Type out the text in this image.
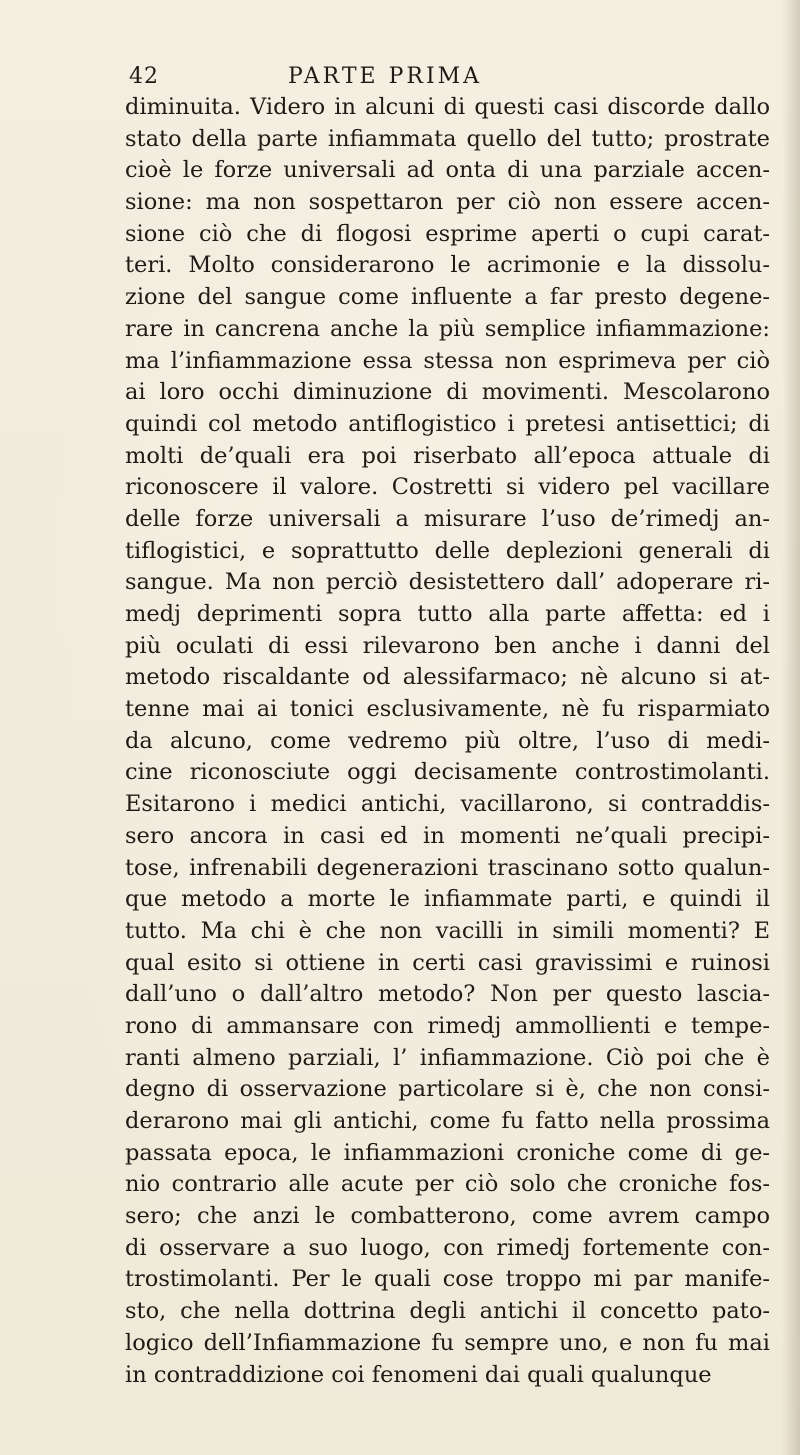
42	PARTE PRIMA
diminuita. Videro in alcuni di questi casi discorde dallo
stato della parte infiammata quello del tutto; prostrate
cioè le forze universali ad onta di una parziale accen-
sione: ma non sospettaron per ciò non essere accen-
sione ciò che di flogosi esprime aperti o cupi carat-
teri. Molto considerarono le acrimonie e la dissolu-
zione del sangue come influente a far presto degene-
rare in cancrena anche la più semplice infiammazione:
ma l’infiammazione essa stessa non esprimeva per ciò
ai loro occhi diminuzione di movimenti. Mescolarono
quindi col metodo antiflogistico i pretesi antisettici; di
molti de’quali era poi riserbato all’epoca attuale di
riconoscere il valore. Costretti si videro pel vacillare
delle forze universali a misurare l’uso de’rimedj an-
tiflogistici, e soprattutto delle deplezioni generali di
sangue. Ma non perciò desistettero dall’ adoperare ri-
medj deprimenti sopra tutto alla parte affetta: ed i
più oculati di essi rilevarono ben anche i danni del
metodo riscaldante od alessifarmaco; nè alcuno si at-
tenne mai ai tonici esclusivamente, nè fu risparmiato
da alcuno, come vedremo più oltre, l’uso di medi-
cine riconosciute oggi decisamente controstimolanti.
Esitarono i medici antichi, vacillarono, si contraddis-
sero ancora in casi ed in momenti ne’quali precipi-
tose, infrenabili degenerazioni trascinano sotto qualun-
que metodo a morte le infiammate parti, e quindi il
tutto. Ma chi è che non vacilli in simili momenti? E
qual esito si ottiene in certi casi gravissimi e ruinosi
dall’uno o dall’altro metodo? Non per questo lascia-
rono di ammansare con rimedj ammollienti e tempe-
ranti almeno parziali, l’ infiammazione. Ciò poi che è
degno di osservazione particolare si è, che non consi-
derarono mai gli antichi, come fu fatto nella prossima
passata epoca, le infiammazioni croniche come di ge-
nio contrario alle acute per ciò solo che croniche fos-
sero; che anzi le combatterono, come avrem campo
di osservare a suo luogo, con rimedj fortemente con-
trostimolanti. Per le quali cose troppo mi par manife-
sto, che nella dottrina degli antichi il concetto pato-
logico dell’Infiammazione fu sempre uno, e non fu mai
in contraddizione coi fenomeni dai quali qualunque
